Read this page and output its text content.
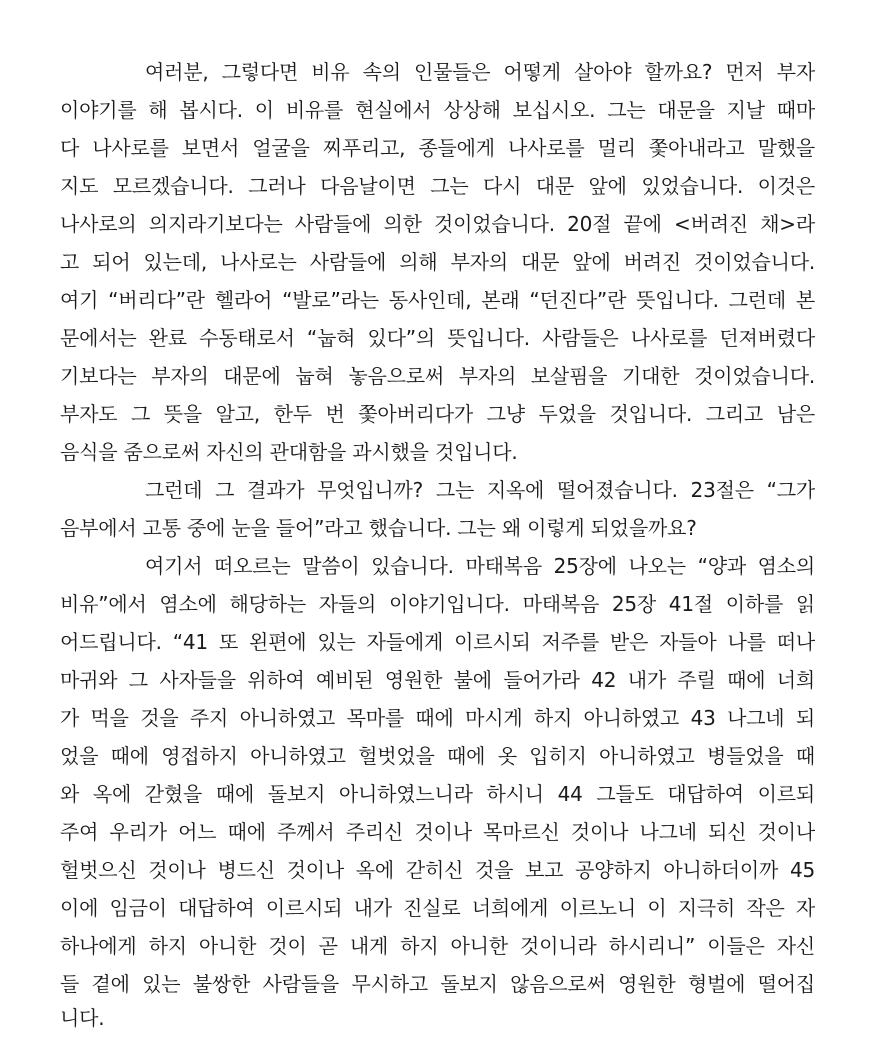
여러분, 그렇다면 비유 속의 인물들은 어떻게 살아야 할까요? 먼저 부자
이야기를 해 봅시다. 이 비유를 현실에서 상상해 보십시오. 그는 대문을 지날 때마
다 나사로를 보면서 얼굴을 찌푸리고, 종들에게 나사로를 멀리 쫓아내라고 말했을
지도 모르겠습니다. 그러나 다음날이면 그는 다시 대문 앞에 있었습니다. 이것은
나사로의 의지라기보다는 사람들에 의한 것이었습니다. 20절 끝에 <버려진 채>라
고 되어 있는데, 나사로는 사람들에 의해 부자의 대문 앞에 버려진 것이었습니다.
여기 “버리다”란 헬라어 “발로”라는 동사인데, 본래 “던진다”란 뜻입니다. 그런데 본
문에서는 완료 수동태로서 “눕혀 있다”의 뜻입니다. 사람들은 나사로를 던져버렸다
기보다는 부자의 대문에 눕혀 놓음으로써 부자의 보살핌을 기대한 것이었습니다.
부자도 그 뜻을 알고, 한두 번 쫓아버리다가 그냥 두었을 것입니다. 그리고 남은
음식을 줌으로써 자신의 관대함을 과시했을 것입니다.
그런데 그 결과가 무엇입니까? 그는 지옥에 떨어졌습니다. 23절은 “그가
음부에서 고통 중에 눈을 들어”라고 했습니다. 그는 왜 이렇게 되었을까요?
여기서 떠오르는 말씀이 있습니다. 마태복음 25장에 나오는 “양과 염소의
비유”에서 염소에 해당하는 자들의 이야기입니다. 마태복음 25장 41절 이하를 읽
어드립니다. “41 또 왼편에 있는 자들에게 이르시되 저주를 받은 자들아 나를 떠나
마귀와 그 사자들을 위하여 예비된 영원한 불에 들어가라 42 내가 주릴 때에 너희
가 먹을 것을 주지 아니하였고 목마를 때에 마시게 하지 아니하였고 43 나그네 되
었을 때에 영접하지 아니하였고 헐벗었을 때에 옷 입히지 아니하였고 병들었을 때
와 옥에 갇혔을 때에 돌보지 아니하였느니라 하시니 44 그들도 대답하여 이르되
주여 우리가 어느 때에 주께서 주리신 것이나 목마르신 것이나 나그네 되신 것이나
헐벗으신 것이나 병드신 것이나 옥에 갇히신 것을 보고 공양하지 아니하더이까 45
이에 임금이 대답하여 이르시되 내가 진실로 너희에게 이르노니 이 지극히 작은 자
하나에게 하지 아니한 것이 곧 내게 하지 아니한 것이니라 하시리니” 이들은 자신
들 곁에 있는 불쌍한 사람들을 무시하고 돌보지 않음으로써 영원한 형벌에 떨어집
니다.
